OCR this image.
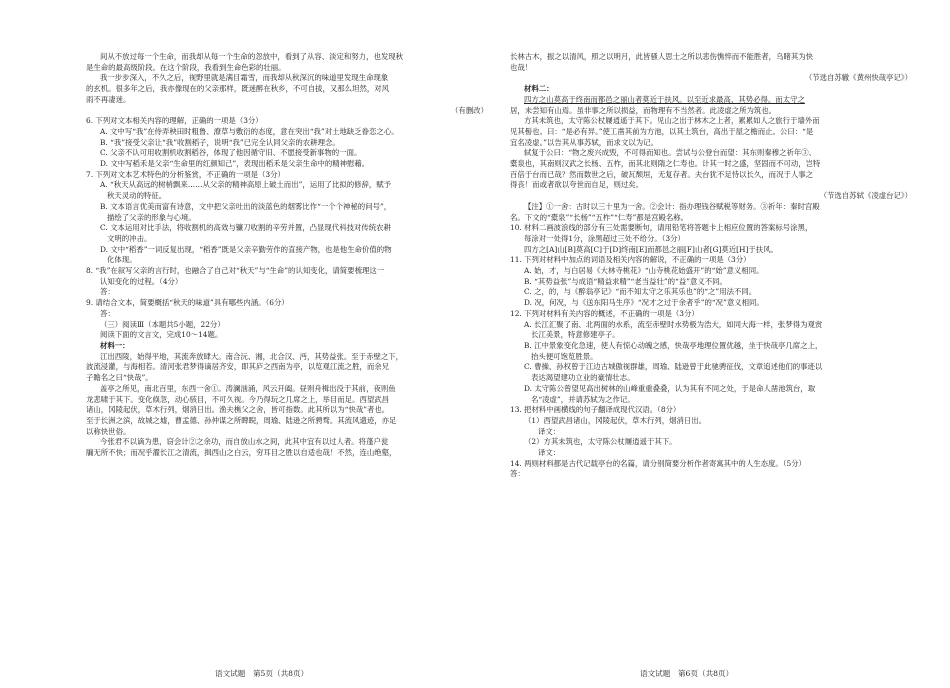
间从不放过每一个生命，而我却从每一个生命的忽放中，看到了从容、淡定和努力，也发现秋
是生命的最高级阶段。在这个阶段，我看到生命色彩的壮丽。
我一步步深入，不久之后，视野里就是满目霜雪，而我却从秋深沉的味道里发现生命现象
的玄机。很多年之后，我亦像现在的父亲那样，既迷醉在秋乡，不可自拔，又那么坦然，对风
雨不再凄迷。
（有删改）
6. 下列对文本相关内容的理解，正确的一项是（3分）
A. 文中写“我”在侍弄秧田时粗鲁、潦草与敷衍的态度，意在突出“我”对土地缺乏眷恋之心。
B. “我”接受父亲让“我”收割稻子，说明“我”已完全认同父亲的农耕理念。
C. 父亲不认可用收割机收割稻谷，体现了他因循守旧、不愿接受新事物的一面。
D. 文中写稻禾是父亲“生命里的红颜知己”，表现出稻禾是父亲生命中的精神慰藉。
7. 下列对文本艺术特色的分析鉴赏，不正确的一项是（3分）
A. “秋天从高远的树梢飘来……从父亲的精神高原上破土而出”，运用了比拟的修辞，赋予
秋天灵动的特征。
B. 文本语言优美而富有诗意，文中把父亲吐出的淡蓝色的烟雾比作“一个个神秘的问号”，
描绘了父亲的形象与心境。
C. 文本运用对比手法，将收割机的高效与镰刀收割的辛劳并置，凸显现代科技对传统农耕
文明的冲击。
D. 文中“稻香”一词反复出现，“稻香”既是父亲辛勤劳作的直接产物，也是他生命价值的物
化体现。
8. “我”在叙写父亲的言行时，也融合了自己对“秋天”与“生命”的认知变化，请简要梳理这一
认知变化的过程。（4分）
答：
9. 请结合文本，简要概括“秋天的味道”具有哪些内涵。（6分）
答：
（三）阅读Ⅲ（本题共5小题，22分）
阅读下面的文言文，完成10～14题。
材料一：
江出西陵，始得平地，其流奔放肆大。南合沅、湘，北合汉、沔，其势益张。至于赤壁之下，
波流浸灌，与海相若。清河张君梦得谪居齐安，即其庐之西南为亭，以览观江流之胜，而余兄
子瞻名之曰“快哉”。
盖亭之所见，南北百里，东西一舍①。涛澜汹涌，风云开阖。昼则舟楫出没于其前，夜则鱼
龙悲啸于其下。变化倏忽，动心骇目，不可久视。今乃得玩之几席之上，举目而足。西望武昌
诸山，冈陵起伏，草木行列，烟消日出。渔夫樵父之舍，皆可指数。此其所以为“快哉”者也。
至于长洲之滨，故城之墟，曹孟德、孙仲谋之所睥睨，周瑜、陆逊之所骋骛。其流风遗迹，亦足
以称快世俗。
今张君不以谪为患，窃会计②之余功，而自放山水之间，此其中宜有以过人者。将蓬户瓮
牖无所不快；而况乎濯长江之清流，揖西山之白云，穷耳目之胜以自适也哉！不然，连山绝壑，
长林古木，振之以清风，照之以明月，此皆骚人思士之所以悲伤憔悴而不能胜者，乌睹其为快
也哉！
（节选自苏辙《黄州快哉亭记》）
材料二：
四方之山莫高于终南而都邑之丽山者莫近于扶风。以至近求最高，其势必得。而太守之
居，未尝知有山焉。虽非事之所以损益，而物理有不当然者。此凌虚之所为筑也。
方其未筑也，太守陈公杖屦逍遥于其下。见山之出于林木之上者，累累如人之旅行于墙外而
见其髻也。曰：“是必有异。”使工凿其前为方池，以其土筑台，高出于屋之檐而止。公曰：“是
宜名凌虚。”以告其从事苏轼，而求文以为记。
轼复于公曰：“物之废兴成毁，不可得而知也。尝试与公登台而望：其东则秦穆之祈年③、
橐泉也，其南则汉武之长杨、五柞，而其北则隋之仁寿也。计其一时之盛，坚固而不可动，岂特
百倍于台而已哉？然而数世之后，破瓦颓垣，无复存者。夫台犹不足恃以长久，而况于人事之
得丧！而或者欲以夸世而自足，则过矣。
（节选自苏轼《凌虚台记》）
【注】①一舍：古时以三十里为一舍。②会计：指办理钱谷赋税等财务。③祈年：秦时宫殿
名。下文的“橐泉”“长杨”“五柞”“仁寿”都是宫殿名称。
10. 材料二画波浪线的部分有三处需要断句，请用铅笔将答题卡上相应位置的答案标号涂黑，
每涂对一处得1分，涂黑超过三处不给分。（3分）
四方之[A]山[B]莫高[C]于[D]终南[E]而都邑之丽[F]山者[G]莫近[H]于扶风。
11. 下列对材料中加点的词语及相关内容的解说，不正确的一项是（3分）
A. 始，才，与白居易《大林寺桃花》“山寺桃花始盛开”的“始”意义相同。
B. “其势益张”与成语“精益求精”“老当益壮”的“益”意义不同。
C. 之，的，与《醉翁亭记》“而不知太守之乐其乐也”的“之”用法不同。
D. 况，何况，与《送东阳马生序》“况才之过于余者乎”的“况”意义相同。
12. 下列对材料有关内容的概述，不正确的一项是（3分）
A. 长江汇聚了南、北两面的水系，流至赤壁时水势极为浩大，如同大海一样，张梦得为观赏
长江美景，特意修建亭子。
B. 江中景象变化急速，使人有惊心动魄之感，快哉亭地理位置优越，坐于快哉亭几席之上，
抬头便可饱览胜景。
C. 曹操、孙权曾于江边古城傲视群雄，周瑜、陆逊曾于此驰骋征伐，文章追述他们的事迹以
表达渴望建功立业的豪情壮志。
D. 太守陈公曾望见高出树林的山峰重重叠叠，认为其有不同之处，于是命人凿池筑台，取
名“凌虚”，并请苏轼为之作记。
13. 把材料中画横线的句子翻译成现代汉语。（8分）
（1）西望武昌诸山，冈陵起伏，草木行列，烟消日出。
译文：
（2）方其未筑也，太守陈公杖屦逍遥于其下。
译文：
14. 两则材料都是古代记载亭台的名篇，请分别简要分析作者寄寓其中的人生态度。（5分）
答：
语文试题　第5页（共8页）	语文试题　第6页（共8页）
